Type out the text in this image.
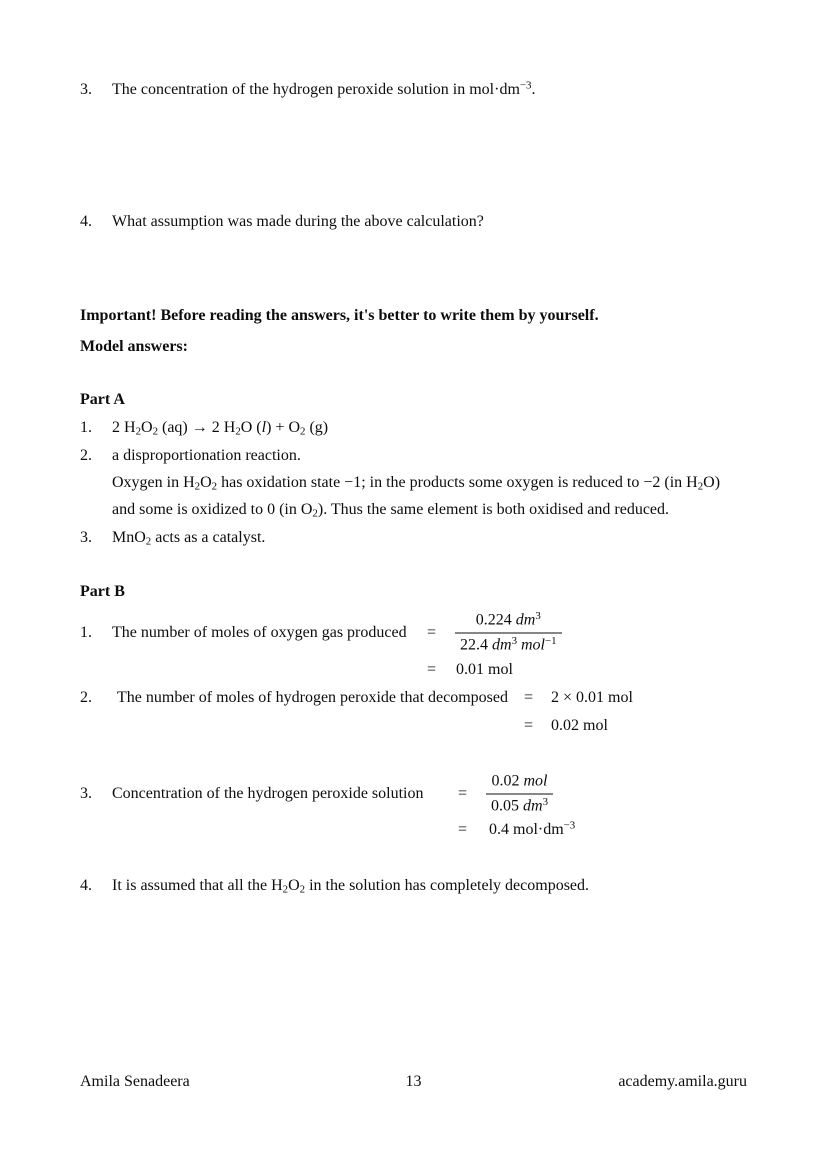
3. The concentration of the hydrogen peroxide solution in $mol\cdot dm^{-3}$.
4. What assumption was made during the above calculation?
Important! Before reading the answers, it's better to write them by yourself.
Model answers:
Part A
1. 2 $H_2O_2$ (aq) → 2 $H_2O$ $(l) + O_2$ (g)
2. a disproportionation reaction.
Oxygen in $H_2O_2$ has oxidation state −1; in the products some oxygen is reduced to −2 (in $H_2O$)
and some is oxidized to 0 (in $O_2$). Thus the same element is both oxidised and reduced.
3. MnO$_2$ acts as a catalyst.
Part B
1. The number of moles of oxygen gas produced =
0.224 $dm^3$
22.4 $dm^3$ mol$^{-1}$
= 0.01 mol
2. The number of moles of hydrogen peroxide that decomposed = 2 × 0.01 mol
= 0.02 mol
3. Concentration of the hydrogen peroxide solution =
0.02 mol
0.05 $dm^3$
= 0.4 $mol\cdot dm^{-3}$
4. It is assumed that all the $H_2O_2$ in the solution has completely decomposed.
13
Amila Senadeera	academy.amila.guru
